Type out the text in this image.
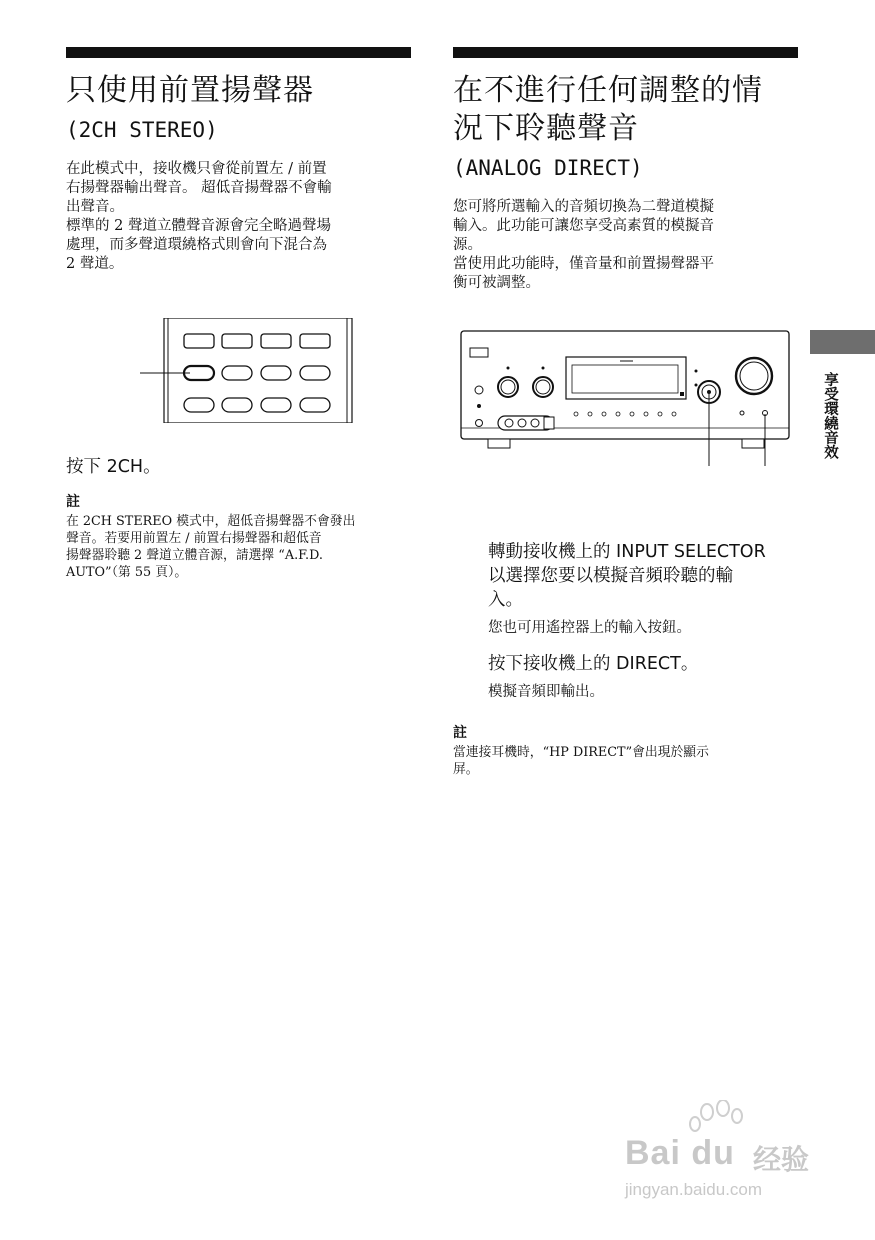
只使用前置揚聲器

(2CH STEREO)

在此模式中，接收機只會從前置左 / 前置

右揚聲器輸出聲音。 超低音揚聲器不會輸

出聲音。

標準的 2 聲道立體聲音源會完全略過聲場

處理，而多聲道環繞格式則會向下混合為

2 聲道。

按下 2CH。

註

在 2CH STEREO 模式中，超低音揚聲器不會發出

聲音。若要用前置左 / 前置右揚聲器和超低音

揚聲器聆聽 2 聲道立體音源，請選擇 “A.F.D.

AUTO”（第 55 頁）。

在不進行任何調整的情
況下聆聽聲音

(ANALOG DIRECT)

您可將所選輸入的音頻切換為二聲道模擬

輸入。此功能可讓您享受高素質的模擬音

源。

當使用此功能時，僅音量和前置揚聲器平

衡可被調整。

轉動接收機上的 INPUT SELECTOR

以選擇您要以模擬音頻聆聽的輸

入。

您也可用遙控器上的輸入按鈕。

按下接收機上的 DIRECT。

模擬音頻即輸出。

註

當連接耳機時，“HP DIRECT”會出現於顯示

屏。

享受環繞音效
Bai du 经验
jingyan.baidu.com
